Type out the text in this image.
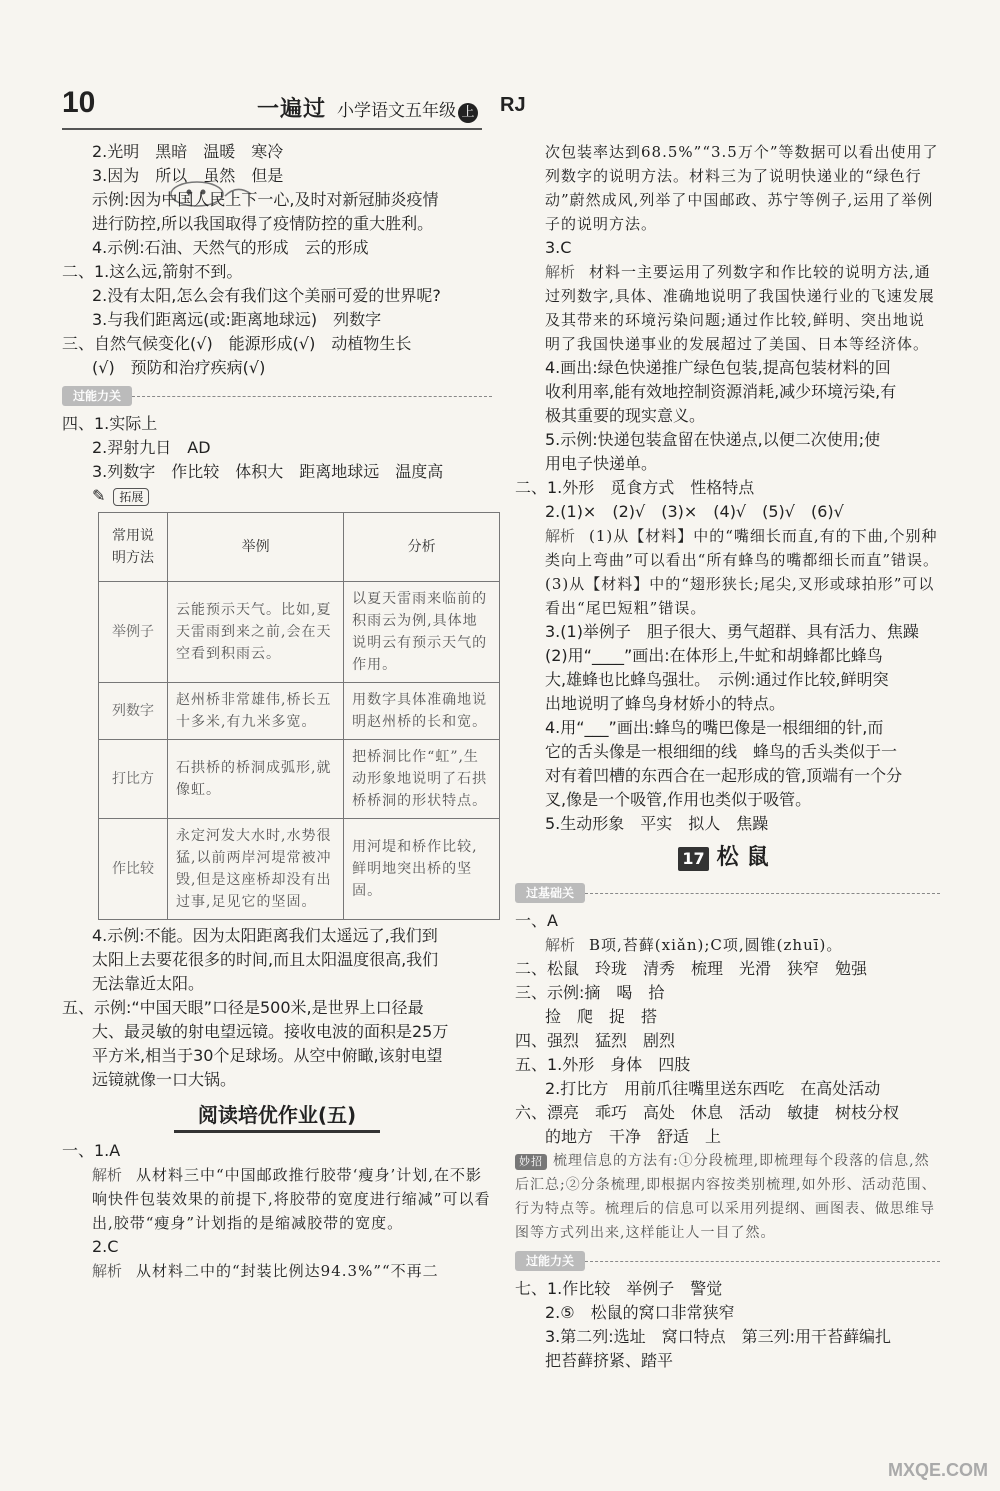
10	一遍过 小学语文五年级 上 RJ
2.光明　黑暗　温暖　寒冷
3.因为　所以　虽然　但是
示例:因为中国人民上下一心,及时对新冠肺炎疫情
进行防控,所以我国取得了疫情防控的重大胜利。
4.示例:石油、天然气的形成　云的形成
二、1.这么远,箭射不到。
2.没有太阳,怎么会有我们这个美丽可爱的世界呢?
3.与我们距离远(或:距离地球远)　列数字
三、自然气候变化(√)　能源形成(√)　动植物生长
(√)　预防和治疗疾病(√)
过能力关
四、1.实际上
2.羿射九日　AD
3.列数字　作比较　体积大　距离地球远　温度高
✎ 拓展
常用说明方法	举例	分析
举例子	云能预示天气。比如,夏天雷雨到来之前,会在天空看到积雨云。	以夏天雷雨来临前的积雨云为例,具体地说明云有预示天气的作用。
列数字	赵州桥非常雄伟,桥长五十多米,有九米多宽。	用数字具体准确地说明赵州桥的长和宽。
打比方	石拱桥的桥洞成弧形,就像虹。	把桥洞比作“虹”,生动形象地说明了石拱桥桥洞的形状特点。
作比较	永定河发大水时,水势很猛,以前两岸河堤常被冲毁,但是这座桥却没有出过事,足见它的坚固。	用河堤和桥作比较,鲜明地突出桥的坚固。
4.示例:不能。因为太阳距离我们太遥远了,我们到
太阳上去要花很多的时间,而且太阳温度很高,我们
无法靠近太阳。
五、示例:“中国天眼”口径是500米,是世界上口径最
大、最灵敏的射电望远镜。接收电波的面积是25万
平方米,相当于30个足球场。从空中俯瞰,该射电望
远镜就像一口大锅。
阅读培优作业(五)
一、1.A
解析 从材料三中“中国邮政推行胶带‘瘦身’计划,在不影响快件包装效果的前提下,将胶带的宽度进行缩减”可以看出,胶带“瘦身”计划指的是缩减胶带的宽度。
2.C
解析 从材料二中的“封装比例达94.3%”“不再二
次包装率达到68.5%”“3.5万个”等数据可以看出使用了列数字的说明方法。材料三为了说明快递业的“绿色行动”蔚然成风,列举了中国邮政、苏宁等例子,运用了举例子的说明方法。
3.C
解析 材料一主要运用了列数字和作比较的说明方法,通过列数字,具体、准确地说明了我国快递行业的飞速发展及其带来的环境污染问题;通过作比较,鲜明、突出地说明了我国快递事业的发展超过了美国、日本等经济体。
4.画出:绿色快递推广绿色包装,提高包装材料的回
收利用率,能有效地控制资源消耗,减少环境污染,有
极其重要的现实意义。
5.示例:快递包装盒留在快递点,以便二次使用;使
用电子快递单。
二、1.外形　觅食方式　性格特点
2.(1)×　(2)√　(3)×　(4)√　(5)√　(6)√
解析 (1)从【材料】中的“嘴细长而直,有的下曲,个别种类向上弯曲”可以看出“所有蜂鸟的嘴都细长而直”错误。(3)从【材料】中的“翅形狭长;尾尖,叉形或球拍形”可以看出“尾巴短粗”错误。
3.(1)举例子　胆子很大、勇气超群、具有活力、焦躁
(2)用“____”画出:在体形上,牛虻和胡蜂都比蜂鸟
大,雄蜂也比蜂鸟强壮。　示例:通过作比较,鲜明突
出地说明了蜂鸟身材娇小的特点。
4.用“___”画出:蜂鸟的嘴巴像是一根细细的针,而
它的舌头像是一根细细的线　蜂鸟的舌头类似于一
对有着凹槽的东西合在一起形成的管,顶端有一个分
叉,像是一个吸管,作用也类似于吸管。
5.生动形象　平实　拟人　焦躁
17 松鼠
过基础关
一、A
解析 B项,苔藓(xiǎn);C项,圆锥(zhuī)。
二、松鼠　玲珑　清秀　梳理　光滑　狭窄　勉强
三、示例:摘　喝　拾
捡　爬　捉　搭
四、强烈　猛烈　剧烈
五、1.外形　身体　四肢
2.打比方　用前爪往嘴里送东西吃　在高处活动
六、漂亮　乖巧　高处　休息　活动　敏捷　树枝分杈
的地方　干净　舒适　上
妙招 梳理信息的方法有:①分段梳理,即梳理每个段落的信息,然后汇总;②分条梳理,即根据内容按类别梳理,如外形、活动范围、行为特点等。梳理后的信息可以采用列提纲、画图表、做思维导图等方式列出来,这样能让人一目了然。
过能力关
七、1.作比较　举例子　警觉
2.⑤　松鼠的窝口非常狭窄
3.第二列:选址　窝口特点　第三列:用干苔藓编扎
把苔藓挤紧、踏平
MXQE.COM
